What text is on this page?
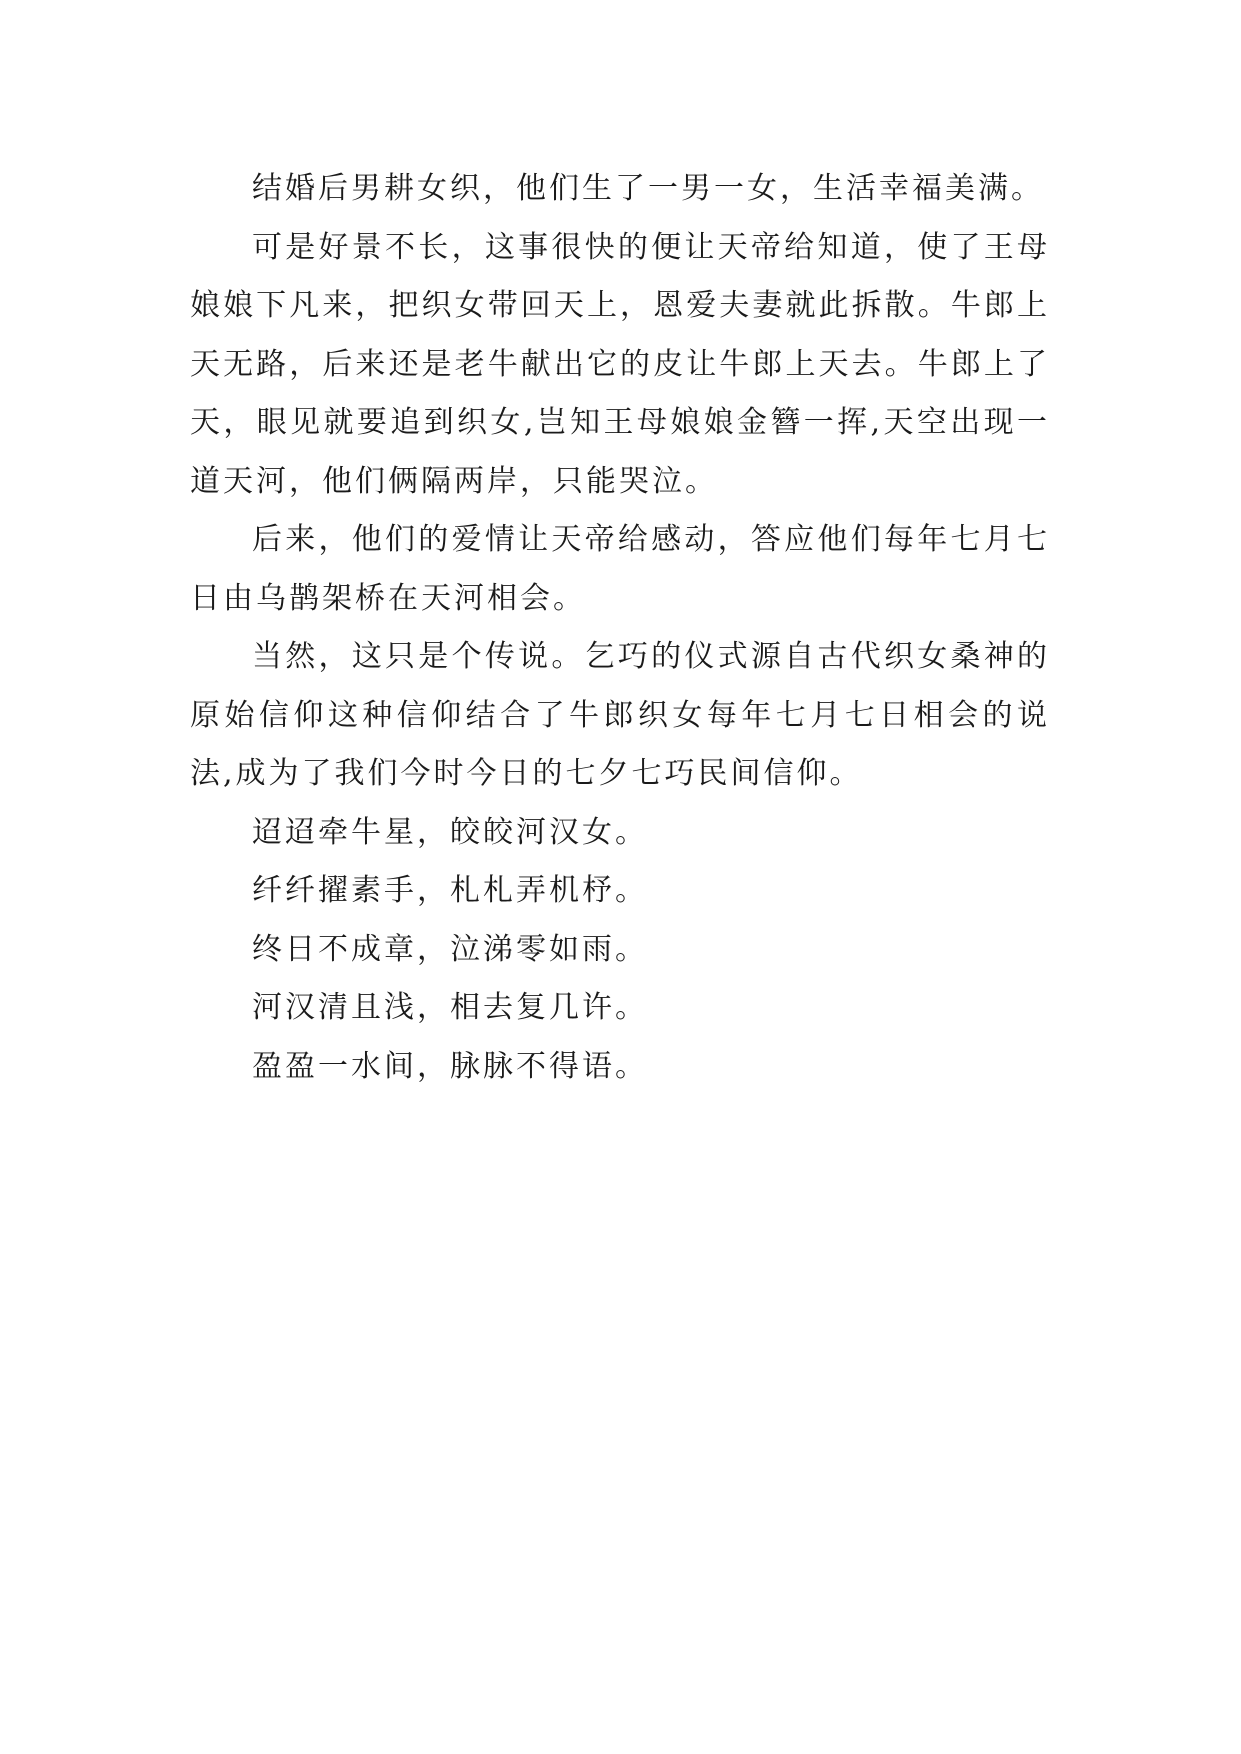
结婚后男耕女织，他们生了一男一女，生活幸福美满。

可是好景不长，这事很快的便让天帝给知道，使了王母娘娘下凡来，把织女带回天上，恩爱夫妻就此拆散。牛郎上天无路，后来还是老牛献出它的皮让牛郎上天去。牛郎上了天，眼见就要追到织女,岂知王母娘娘金簪一挥,天空出现一道天河，他们俩隔两岸，只能哭泣。

后来，他们的爱情让天帝给感动，答应他们每年七月七日由乌鹊架桥在天河相会。

当然，这只是个传说。乞巧的仪式源自古代织女桑神的原始信仰这种信仰结合了牛郎织女每年七月七日相会的说法,成为了我们今时今日的七夕七巧民间信仰。

迢迢牵牛星，皎皎河汉女。

纤纤擢素手，札札弄机杼。

终日不成章，泣涕零如雨。

河汉清且浅，相去复几许。

盈盈一水间，脉脉不得语。
